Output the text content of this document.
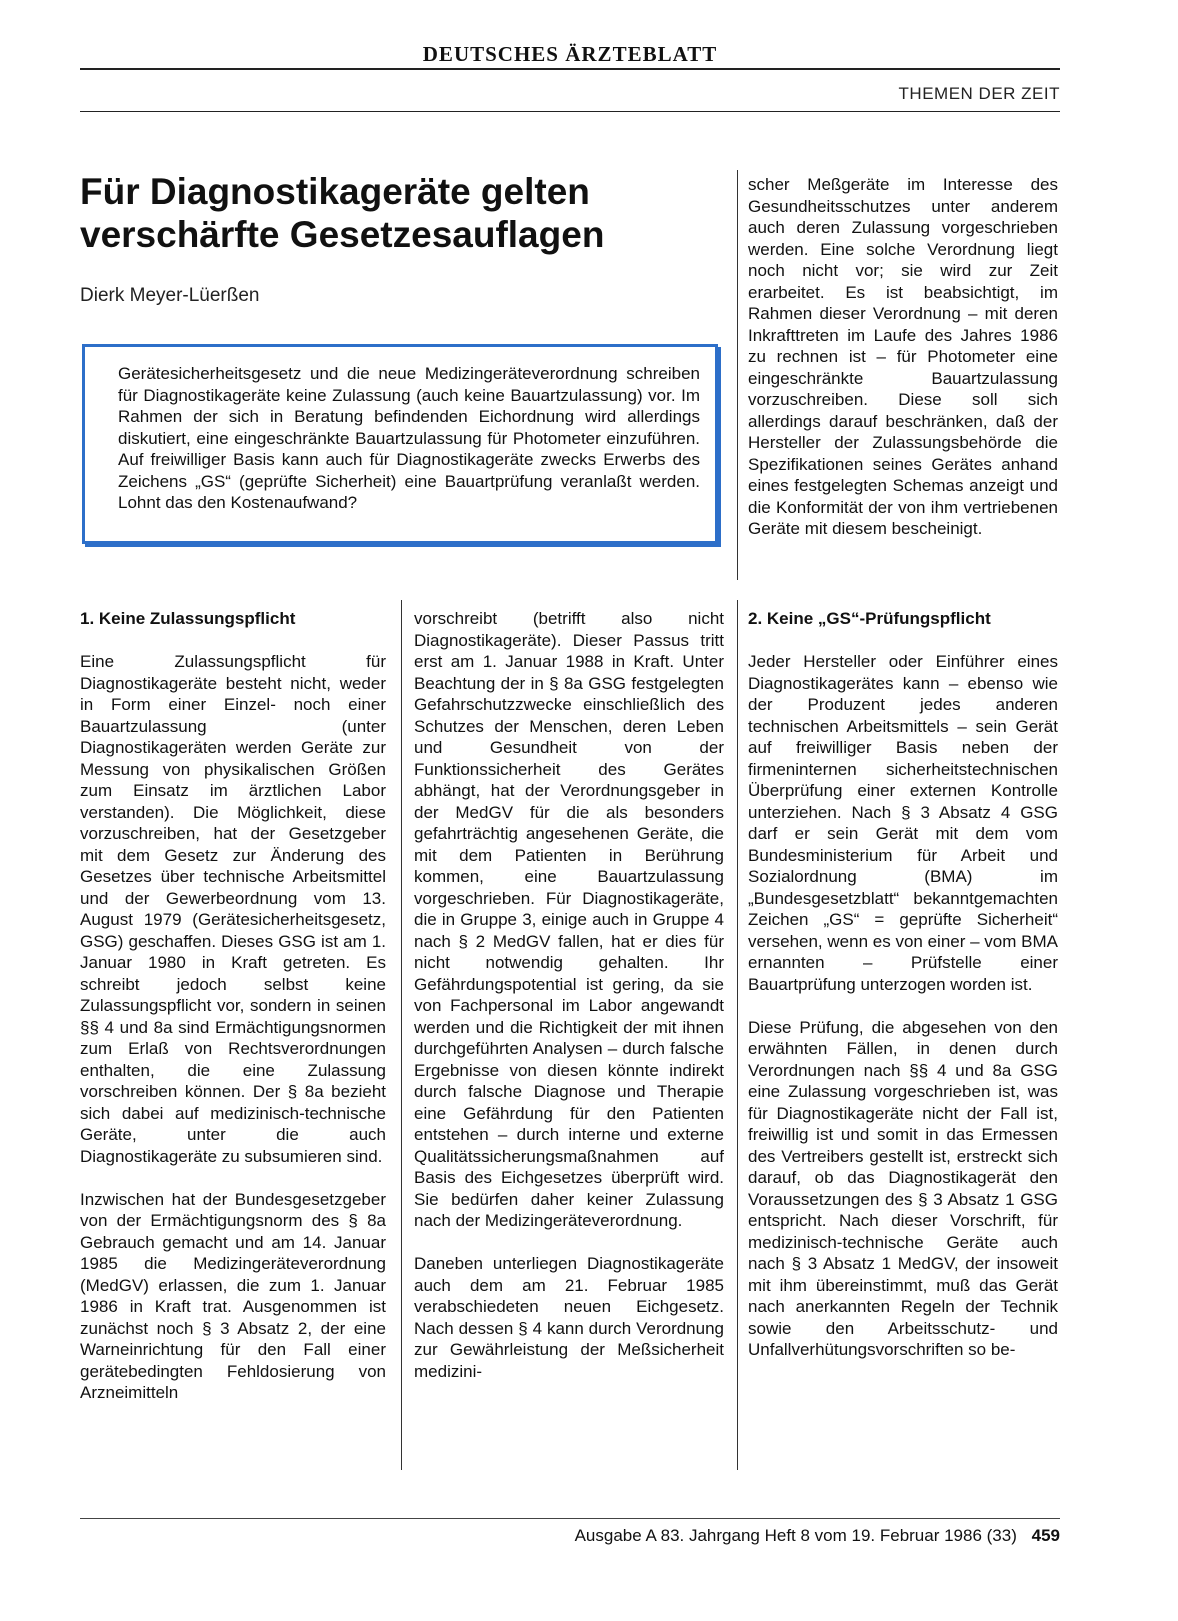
DEUTSCHES ÄRZTEBLATT
THEMEN DER ZEIT
Für Diagnostikageräte gelten
verschärfte Gesetzesauflagen
Dierk Meyer-Lüerßen

Gerätesicherheitsgesetz und die neue Medizingeräteverordnung schreiben für Diagnostikageräte keine Zulassung (auch keine Bauartzulassung) vor. Im Rahmen der sich in Beratung befindenden Eichordnung wird allerdings diskutiert, eine eingeschränkte Bauartzulassung für Photometer einzuführen. Auf freiwilliger Basis kann auch für Diagnostikageräte zwecks Erwerbs des Zeichens „GS“ (geprüfte Sicherheit) eine Bauartprüfung veranlaßt werden. Lohnt das den Kostenaufwand?

scher Meßgeräte im Interesse des Gesundheitsschutzes unter anderem auch deren Zulassung vorgeschrieben werden. Eine solche Verordnung liegt noch nicht vor; sie wird zur Zeit erarbeitet. Es ist beabsichtigt, im Rahmen dieser Verordnung – mit deren Inkrafttreten im Laufe des Jahres 1986 zu rechnen ist – für Photometer eine eingeschränkte Bauartzulassung vorzuschreiben. Diese soll sich allerdings darauf beschränken, daß der Hersteller der Zulassungsbehörde die Spezifikationen seines Gerätes anhand eines festgelegten Schemas anzeigt und die Konformität der von ihm vertriebenen Geräte mit diesem bescheinigt.

1. Keine Zulassungspflicht

Eine Zulassungspflicht für Diagnostikageräte besteht nicht, weder in Form einer Einzel- noch einer Bauartzulassung (unter Diagnostikageräten werden Geräte zur Messung von physikalischen Größen zum Einsatz im ärztlichen Labor verstanden). Die Möglichkeit, diese vorzuschreiben, hat der Gesetzgeber mit dem Gesetz zur Änderung des Gesetzes über technische Arbeitsmittel und der Gewerbeordnung vom 13. August 1979 (Gerätesicherheitsgesetz, GSG) geschaffen. Dieses GSG ist am 1. Januar 1980 in Kraft getreten. Es schreibt jedoch selbst keine Zulassungspflicht vor, sondern in seinen §§ 4 und 8a sind Ermächtigungsnormen zum Erlaß von Rechtsverordnungen enthalten, die eine Zulassung vorschreiben können. Der § 8a bezieht sich dabei auf medizinisch-technische Geräte, unter die auch Diagnostikageräte zu subsumieren sind.

Inzwischen hat der Bundesgesetzgeber von der Ermächtigungsnorm des § 8a Gebrauch gemacht und am 14. Januar 1985 die Medizingeräteverordnung (MedGV) erlassen, die zum 1. Januar 1986 in Kraft trat. Ausgenommen ist zunächst noch § 3 Absatz 2, der eine Warneinrichtung für den Fall einer gerätebedingten Fehldosierung von Arzneimitteln

vorschreibt (betrifft also nicht Diagnostikageräte). Dieser Passus tritt erst am 1. Januar 1988 in Kraft. Unter Beachtung der in § 8a GSG festgelegten Gefahrschutzzwecke einschließlich des Schutzes der Menschen, deren Leben und Gesundheit von der Funktionssicherheit des Gerätes abhängt, hat der Verordnungsgeber in der MedGV für die als besonders gefahrträchtig angesehenen Geräte, die mit dem Patienten in Berührung kommen, eine Bauartzulassung vorgeschrieben. Für Diagnostikageräte, die in Gruppe 3, einige auch in Gruppe 4 nach § 2 MedGV fallen, hat er dies für nicht notwendig gehalten. Ihr Gefährdungspotential ist gering, da sie von Fachpersonal im Labor angewandt werden und die Richtigkeit der mit ihnen durchgeführten Analysen – durch falsche Ergebnisse von diesen könnte indirekt durch falsche Diagnose und Therapie eine Gefährdung für den Patienten entstehen – durch interne und externe Qualitätssicherungsmaßnahmen auf Basis des Eichgesetzes überprüft wird. Sie bedürfen daher keiner Zulassung nach der Medizingeräteverordnung.

Daneben unterliegen Diagnostikageräte auch dem am 21. Februar 1985 verabschiedeten neuen Eichgesetz. Nach dessen § 4 kann durch Verordnung zur Gewährleistung der Meßsicherheit medizini-

2. Keine „GS“-Prüfungspflicht

Jeder Hersteller oder Einführer eines Diagnostikagerätes kann – ebenso wie der Produzent jedes anderen technischen Arbeitsmittels – sein Gerät auf freiwilliger Basis neben der firmeninternen sicherheitstechnischen Überprüfung einer externen Kontrolle unterziehen. Nach § 3 Absatz 4 GSG darf er sein Gerät mit dem vom Bundesministerium für Arbeit und Sozialordnung (BMA) im „Bundesgesetzblatt“ bekanntgemachten Zeichen „GS“ = geprüfte Sicherheit“ versehen, wenn es von einer – vom BMA ernannten – Prüfstelle einer Bauartprüfung unterzogen worden ist.

Diese Prüfung, die abgesehen von den erwähnten Fällen, in denen durch Verordnungen nach §§ 4 und 8a GSG eine Zulassung vorgeschrieben ist, was für Diagnostikageräte nicht der Fall ist, freiwillig ist und somit in das Ermessen des Vertreibers gestellt ist, erstreckt sich darauf, ob das Diagnostikagerät den Voraussetzungen des § 3 Absatz 1 GSG entspricht. Nach dieser Vorschrift, für medizinisch-technische Geräte auch nach § 3 Absatz 1 MedGV, der insoweit mit ihm übereinstimmt, muß das Gerät nach anerkannten Regeln der Technik sowie den Arbeitsschutz- und Unfallverhütungsvorschriften so be-

Ausgabe A 83. Jahrgang Heft 8 vom 19. Februar 1986 (33) 459
